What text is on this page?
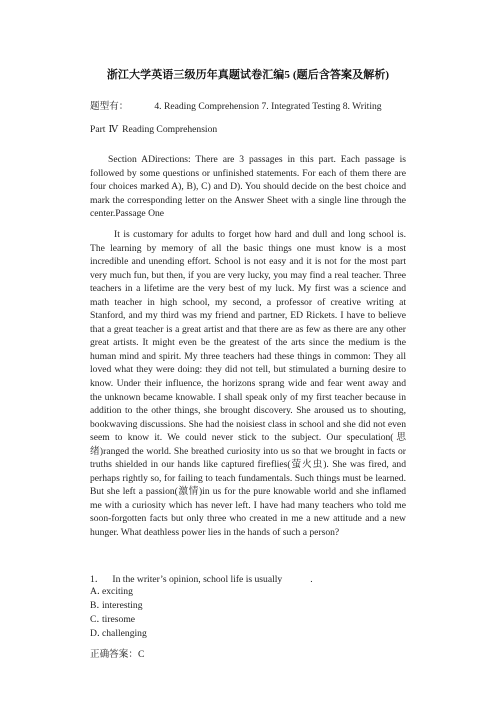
浙江大学英语三级历年真题试卷汇编5 (题后含答案及解析)
题型有：	4. Reading Comprehension 7. Integrated Testing 8. Writing
Part Ⅳ Reading Comprehension
Section ADirections: There are 3 passages in this part. Each passage is followed by some questions or unfinished statements. For each of them there are four choices marked A), B), C) and D). You should decide on the best choice and mark the corresponding letter on the Answer Sheet with a single line through the center.Passage One
It is customary for adults to forget how hard and dull and long school is. The learning by memory of all the basic things one must know is a most incredible and unending effort. School is not easy and it is not for the most part very much fun, but then, if you are very lucky, you may find a real teacher. Three teachers in a lifetime are the very best of my luck. My first was a science and math teacher in high school, my second, a professor of creative writing at Stanford, and my third was my friend and partner, ED Rickets. I have to believe that a great teacher is a great artist and that there are as few as there are any other great artists. It might even be the greatest of the arts since the medium is the human mind and spirit. My three teachers had these things in common: They all loved what they were doing: they did not tell, but stimulated a burning desire to know. Under their influence, the horizons sprang wide and fear went away and the unknown became knowable. I shall speak only of my first teacher because in addition to the other things, she brought discovery. She aroused us to shouting, bookwaving discussions. She had the noisiest class in school and she did not even seem to know it. We could never stick to the subject. Our speculation(思绪)ranged the world. She breathed curiosity into us so that we brought in facts or truths shielded in our hands like captured fireflies(萤火虫). She was fired, and perhaps rightly so, for failing to teach fundamentals. Such things must be learned. But she left a passion(激情)in us for the pure knowable world and she inflamed me with a curiosity which has never left. I have had many teachers who told me soon-forgotten facts but only three who created in me a new attitude and a new hunger. What deathless power lies in the hands of such a person?
1． In the writer’s opinion, school life is usually	.
A．exciting
B．interesting
C．tiresome
D．challenging
正确答案：C
